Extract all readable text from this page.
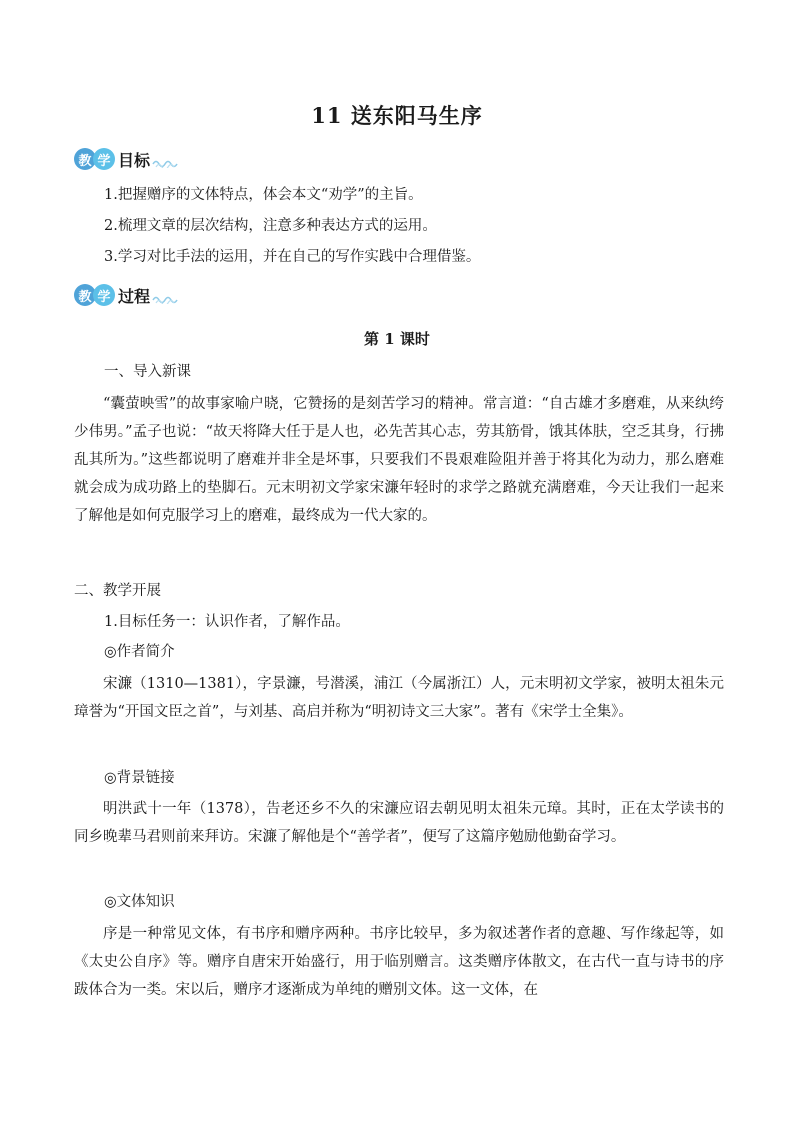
11 送东阳马生序
教 学 目标
1.把握赠序的文体特点，体会本文“劝学”的主旨。
2.梳理文章的层次结构，注意多种表达方式的运用。
3.学习对比手法的运用，并在自己的写作实践中合理借鉴。
教 学 过程
第 1 课时
一、导入新课
“囊萤映雪”的故事家喻户晓，它赞扬的是刻苦学习的精神。常言道：“自古雄才多磨难，从来纨绔少伟男。”孟子也说：“故天将降大任于是人也，必先苦其心志，劳其筋骨，饿其体肤，空乏其身，行拂乱其所为。”这些都说明了磨难并非全是坏事，只要我们不畏艰难险阻并善于将其化为动力，那么磨难就会成为成功路上的垫脚石。元末明初文学家宋濂年轻时的求学之路就充满磨难，今天让我们一起来了解他是如何克服学习上的磨难，最终成为一代大家的。
二、教学开展
1.目标任务一：认识作者，了解作品。
◎作者简介
宋濂（1310—1381），字景濂，号潜溪，浦江（今属浙江）人，元末明初文学家，被明太祖朱元璋誉为“开国文臣之首”，与刘基、高启并称为“明初诗文三大家”。著有《宋学士全集》。
◎背景链接
明洪武十一年（1378），告老还乡不久的宋濂应诏去朝见明太祖朱元璋。其时，正在太学读书的同乡晚辈马君则前来拜访。宋濂了解他是个“善学者”，便写了这篇序勉励他勤奋学习。
◎文体知识
序是一种常见文体，有书序和赠序两种。书序比较早，多为叙述著作者的意趣、写作缘起等，如《太史公自序》等。赠序自唐宋开始盛行，用于临别赠言。这类赠序体散文，在古代一直与诗书的序跋体合为一类。宋以后，赠序才逐渐成为单纯的赠别文体。这一文体，在
